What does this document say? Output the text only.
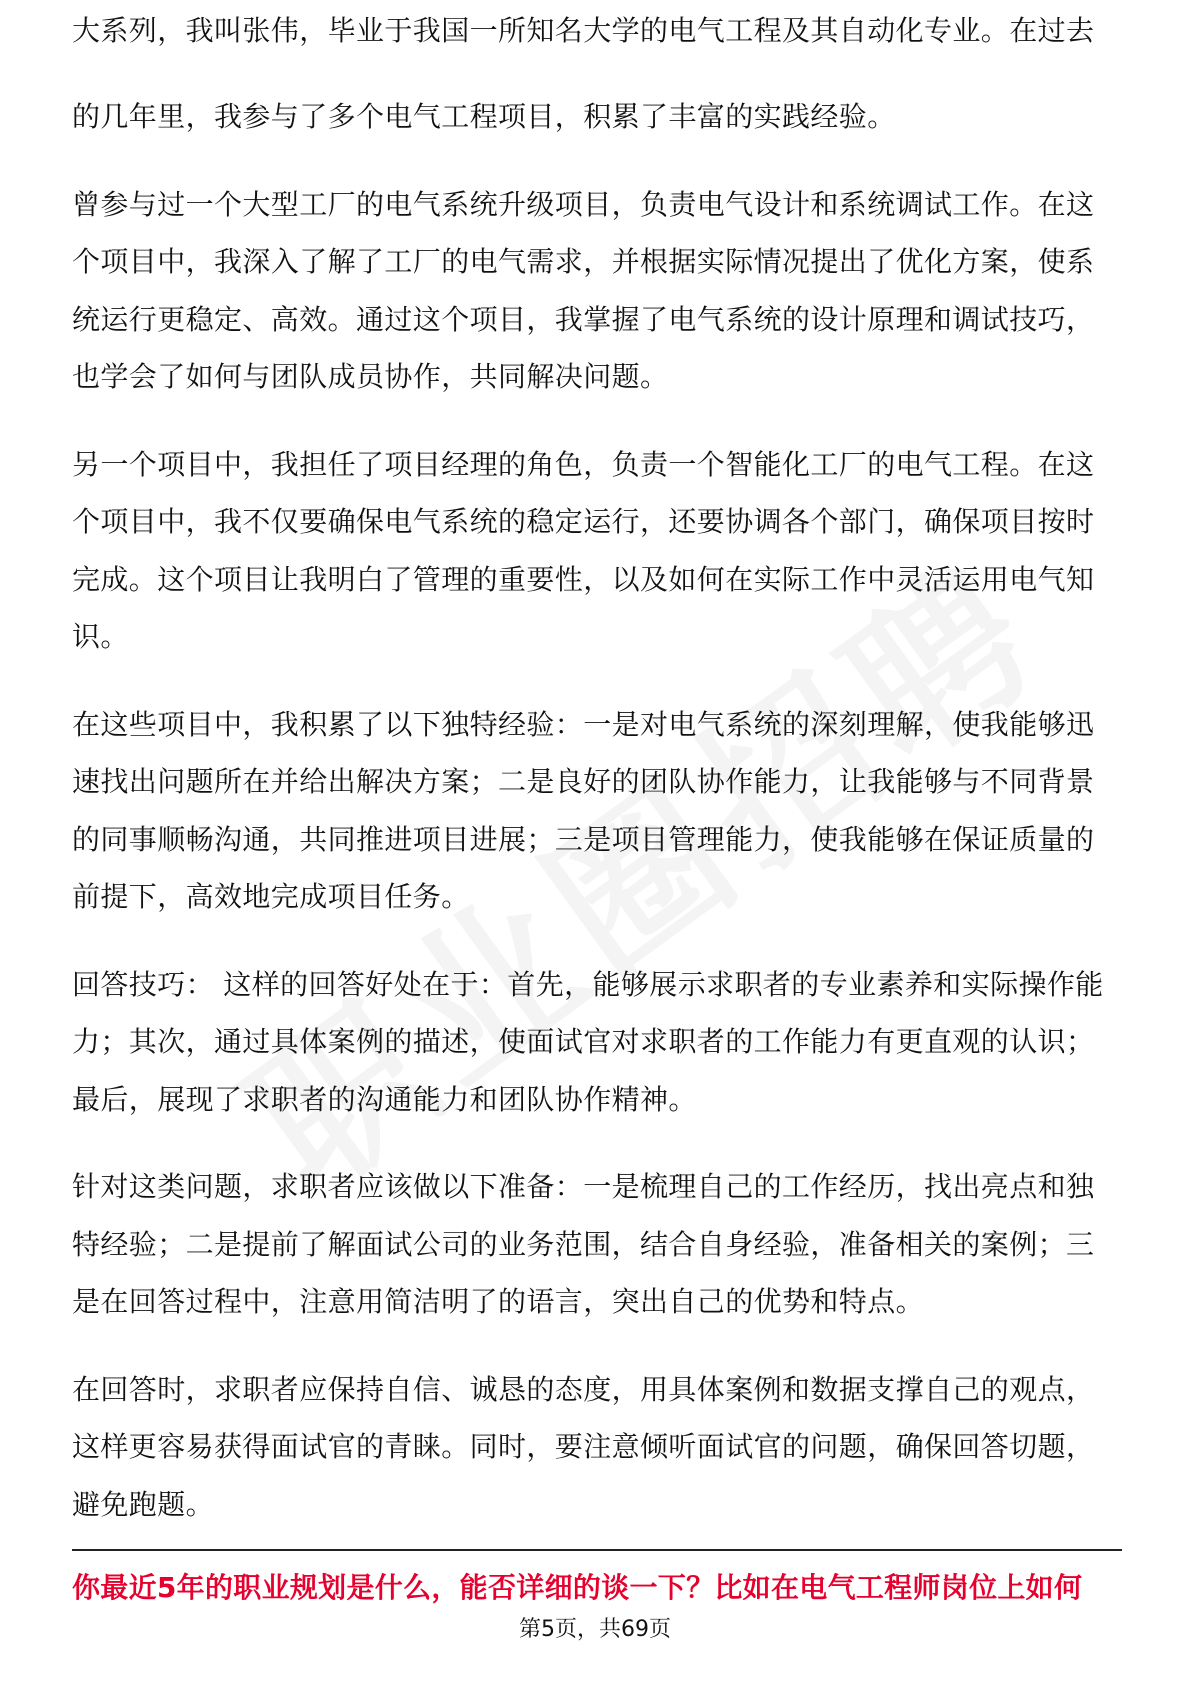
大系列，我叫张伟，毕业于我国一所知名大学的电气工程及其自动化专业。在过去

的几年里，我参与了多个电气工程项目，积累了丰富的实践经验。

曾参与过一个大型工厂的电气系统升级项目，负责电气设计和系统调试工作。在这个项目中，我深入了解了工厂的电气需求，并根据实际情况提出了优化方案，使系统运行更稳定、高效。通过这个项目，我掌握了电气系统的设计原理和调试技巧，也学会了如何与团队成员协作，共同解决问题。

另一个项目中，我担任了项目经理的角色，负责一个智能化工厂的电气工程。在这个项目中，我不仅要确保电气系统的稳定运行，还要协调各个部门，确保项目按时完成。这个项目让我明白了管理的重要性，以及如何在实际工作中灵活运用电气知识。

在这些项目中，我积累了以下独特经验：一是对电气系统的深刻理解，使我能够迅速找出问题所在并给出解决方案；二是良好的团队协作能力，让我能够与不同背景的同事顺畅沟通，共同推进项目进展；三是项目管理能力，使我能够在保证质量的前提下，高效地完成项目任务。

回答技巧： 这样的回答好处在于：首先，能够展示求职者的专业素养和实际操作能力；其次，通过具体案例的描述，使面试官对求职者的工作能力有更直观的认识；最后，展现了求职者的沟通能力和团队协作精神。

针对这类问题，求职者应该做以下准备：一是梳理自己的工作经历，找出亮点和独特经验；二是提前了解面试公司的业务范围，结合自身经验，准备相关的案例；三是在回答过程中，注意用简洁明了的语言，突出自己的优势和特点。

在回答时，求职者应保持自信、诚恳的态度，用具体案例和数据支撑自己的观点，这样更容易获得面试官的青睐。同时，要注意倾听面试官的问题，确保回答切题，避免跑题。

你最近5年的职业规划是什么，能否详细的谈一下？比如在电气工程师岗位上如何
第5页，共69页
